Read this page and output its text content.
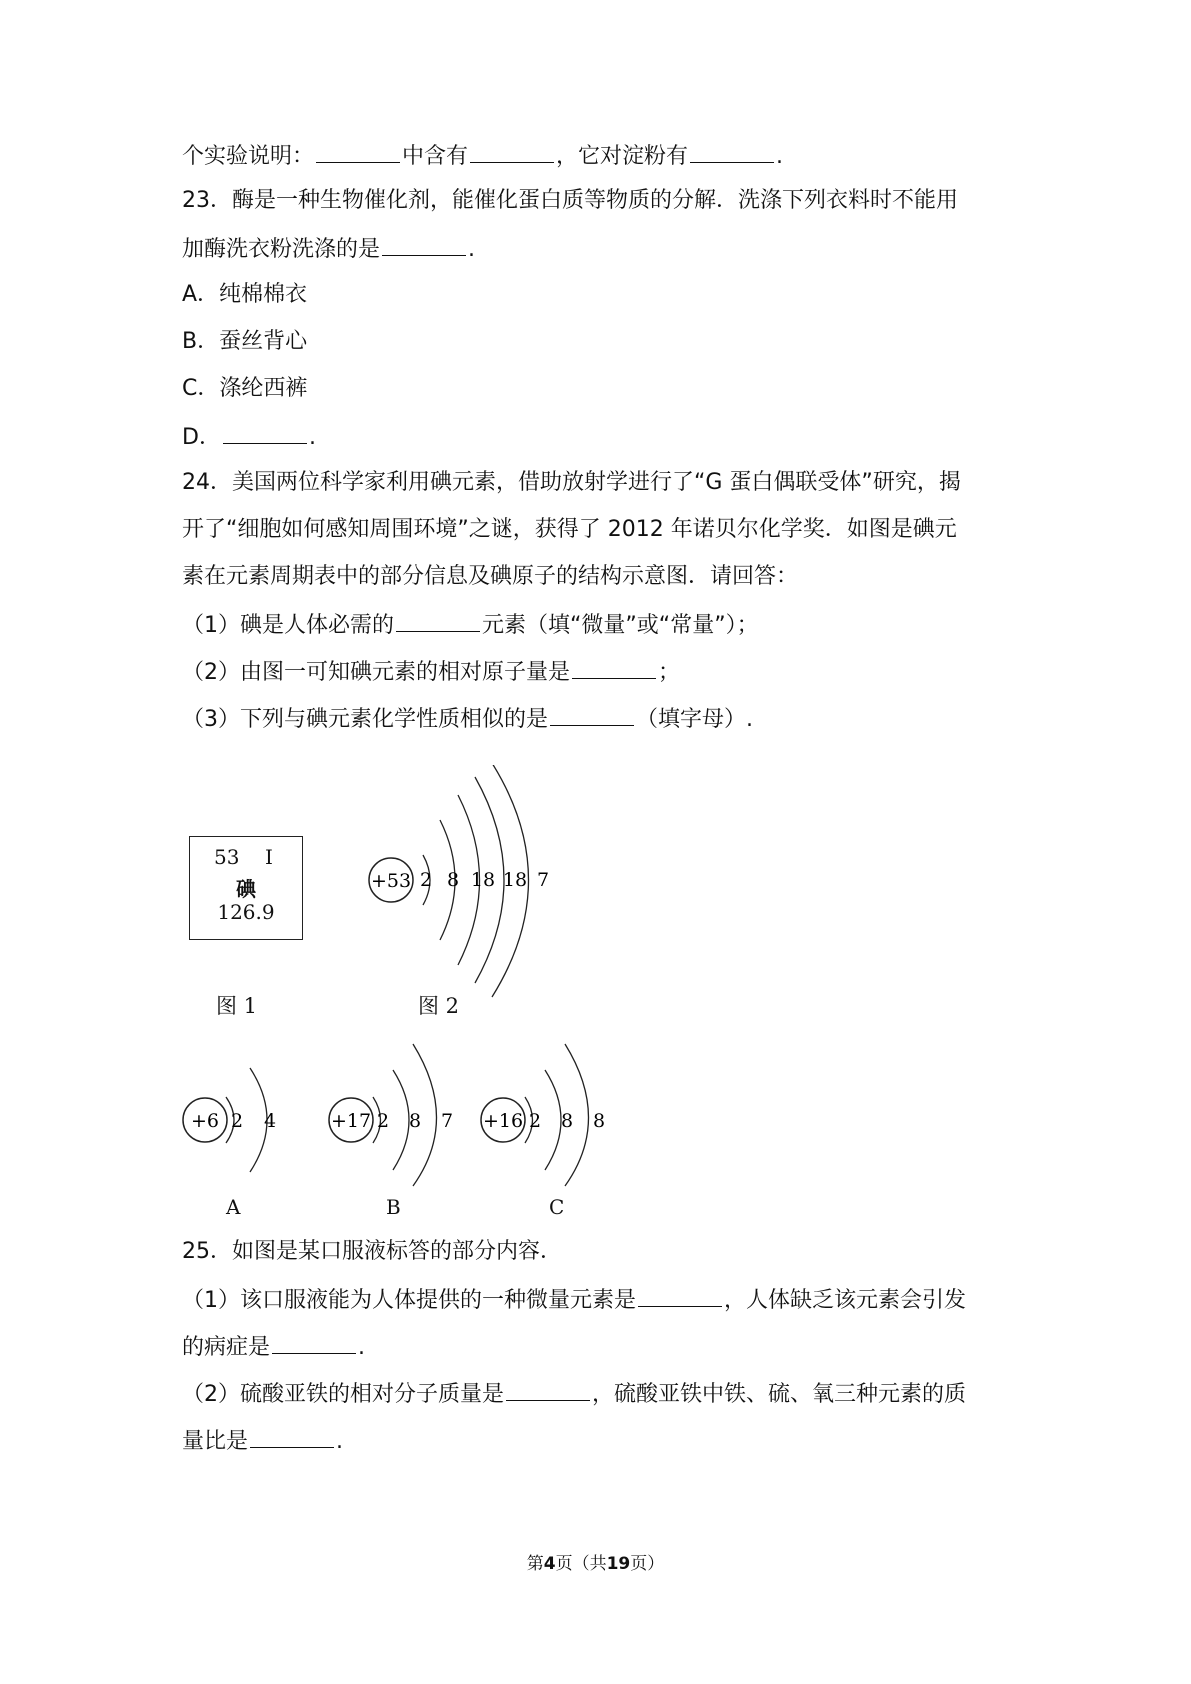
个实验说明：	中含有	，它对淀粉有	.
23．酶是一种生物催化剂，能催化蛋白质等物质的分解．洗涤下列衣料时不能用
加酶洗衣粉洗涤的是	.
A．纯棉棉衣
B．蚕丝背心
C．涤纶西裤
D．	.
24．美国两位科学家利用碘元素，借助放射学进行了“G 蛋白偶联受体”研究，揭
开了“细胞如何感知周围环境”之谜，获得了 2012 年诺贝尔化学奖．如图是碘元
素在元素周期表中的部分信息及碘原子的结构示意图．请回答：
（1）碘是人体必需的	元素（填“微量”或“常量”）；
（2）由图一可知碘元素的相对原子量是	；
（3）下列与碘元素化学性质相似的是	（填字母）.
53 I
碘
126.9
图 1
+53 2 8 18 18 7
图 2
+6 2 4
A
+17 2 8 7
B
+16 2 8 8
C
25．如图是某口服液标答的部分内容．
（1）该口服液能为人体提供的一种微量元素是	，人体缺乏该元素会引发
的病症是	.
（2）硫酸亚铁的相对分子质量是	，硫酸亚铁中铁、硫、氧三种元素的质
量比是	.
第4页（共19页）
